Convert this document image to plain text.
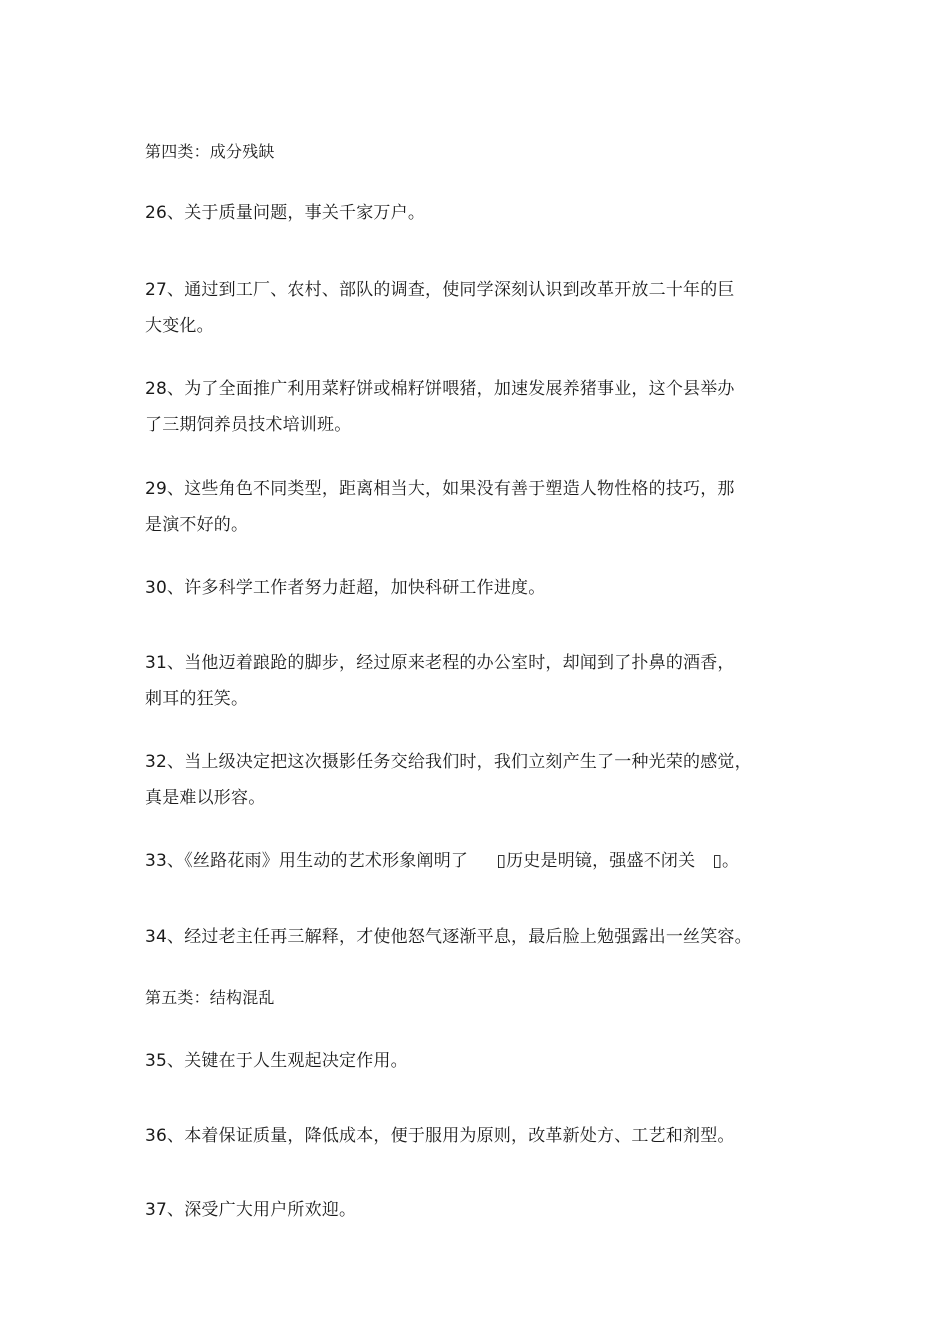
第四类：成分残缺
26、关于质量问题，事关千家万户。
27、通过到工厂、农村、部队的调查，使同学深刻认识到改革开放二十年的巨
大变化。
28、为了全面推广利用菜籽饼或棉籽饼喂猪，加速发展养猪事业，这个县举办
了三期饲养员技术培训班。
29、这些角色不同类型，距离相当大，如果没有善于塑造人物性格的技巧，那
是演不好的。
30、许多科学工作者努力赶超，加快科研工作进度。
31、当他迈着踉跄的脚步，经过原来老程的办公室时，却闻到了扑鼻的酒香，
刺耳的狂笑。
32、当上级决定把这次摄影任务交给我们时，我们立刻产生了一种光荣的感觉，
真是难以形容。
33、《丝路花雨》用生动的艺术形象阐明了 　 ▯历史是明镜，强盛不闭关　▯。
34、经过老主任再三解释，才使他怒气逐渐平息，最后脸上勉强露出一丝笑容。
第五类：结构混乱
35、关键在于人生观起决定作用。
36、本着保证质量，降低成本，便于服用为原则，改革新处方、工艺和剂型。
37、深受广大用户所欢迎。
